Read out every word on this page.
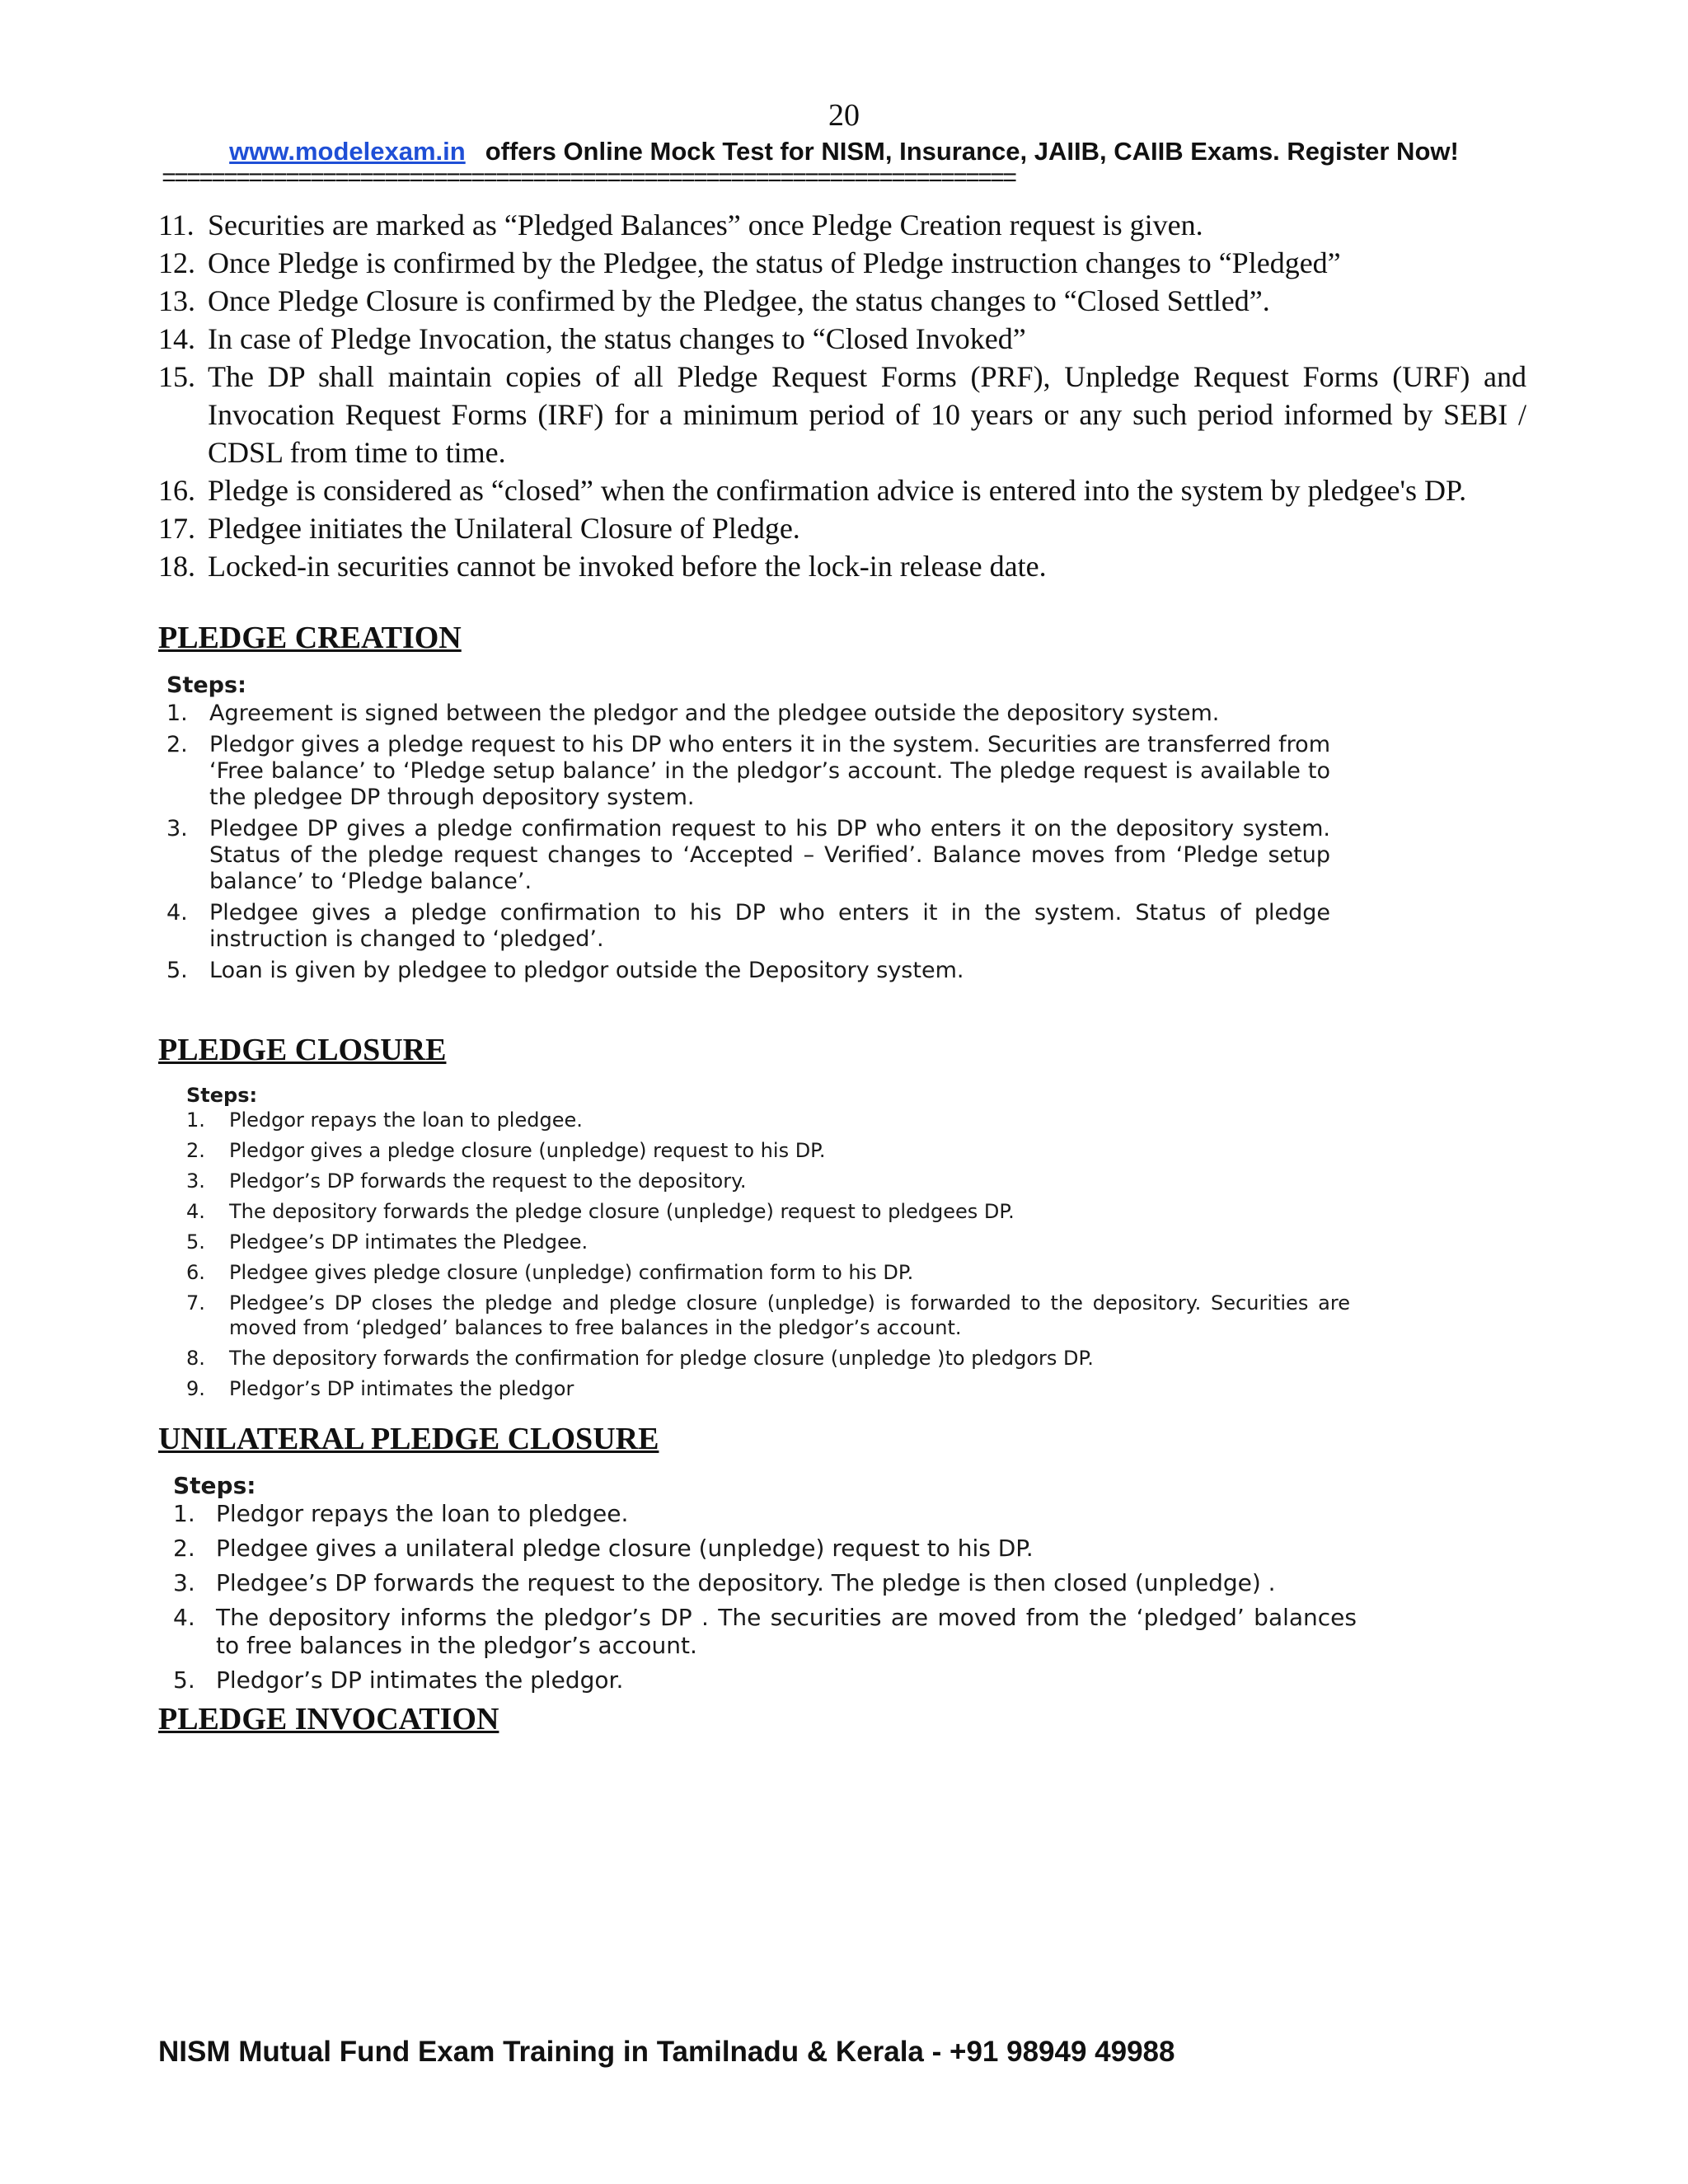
20
www.modelexam.in offers Online Mock Test for NISM, Insurance, JAIIB, CAIIB Exams. Register Now!
=====================================================================
11. Securities are marked as “Pledged Balances” once Pledge Creation request is given.
12. Once Pledge is confirmed by the Pledgee, the status of Pledge instruction changes to “Pledged”
13. Once Pledge Closure is confirmed by the Pledgee, the status changes to “Closed Settled”.
14. In case of Pledge Invocation, the status changes to “Closed Invoked”
15. The DP shall maintain copies of all Pledge Request Forms (PRF), Unpledge Request Forms (URF) and Invocation Request Forms (IRF) for a minimum period of 10 years or any such period informed by SEBI / CDSL from time to time.
16. Pledge is considered as “closed” when the confirmation advice is entered into the system by pledgee's DP.
17. Pledgee initiates the Unilateral Closure of Pledge.
18. Locked-in securities cannot be invoked before the lock-in release date.
PLEDGE CREATION

Steps:

1. Agreement is signed between the pledgor and the pledgee outside the depository system.
2. Pledgor gives a pledge request to his DP who enters it in the system. Securities are transferred from ‘Free balance’ to ‘Pledge setup balance’ in the pledgor’s account. The pledge request is available to the pledgee DP through depository system.
3. Pledgee DP gives a pledge confirmation request to his DP who enters it on the depository system. Status of the pledge request changes to ‘Accepted – Verified’. Balance moves from ‘Pledge setup balance’ to ‘Pledge balance’.
4. Pledgee gives a pledge confirmation to his DP who enters it in the system. Status of pledge instruction is changed to ‘pledged’.
5. Loan is given by pledgee to pledgor outside the Depository system.
PLEDGE CLOSURE

Steps:

1.	Pledgor repays the loan to pledgee.
2.	Pledgor gives a pledge closure (unpledge) request to his DP.
3.	Pledgor’s DP forwards the request to the depository.
4.	The depository forwards the pledge closure (unpledge) request to pledgees DP.
5.	Pledgee’s DP intimates the Pledgee.
6.	Pledgee gives pledge closure (unpledge) confirmation form to his DP.
7.	Pledgee’s DP closes the pledge and pledge closure (unpledge) is forwarded to the depository. Securities are moved from ‘pledged’ balances to free balances in the pledgor’s account.
8.	The depository forwards the confirmation for pledge closure (unpledge )to pledgors DP.
9.	Pledgor’s DP intimates the pledgor
UNILATERAL PLEDGE CLOSURE

Steps:

1. Pledgor repays the loan to pledgee.
2. Pledgee gives a unilateral pledge closure (unpledge) request to his DP.
3. Pledgee’s DP forwards the request to the depository. The pledge is then closed (unpledge) .
4. The depository informs the pledgor’s DP . The securities are moved from the ‘pledged’ balances to free balances in the pledgor’s account.
5. Pledgor’s DP intimates the pledgor.
PLEDGE INVOCATION
NISM Mutual Fund Exam Training in Tamilnadu & Kerala - +91 98949 49988
